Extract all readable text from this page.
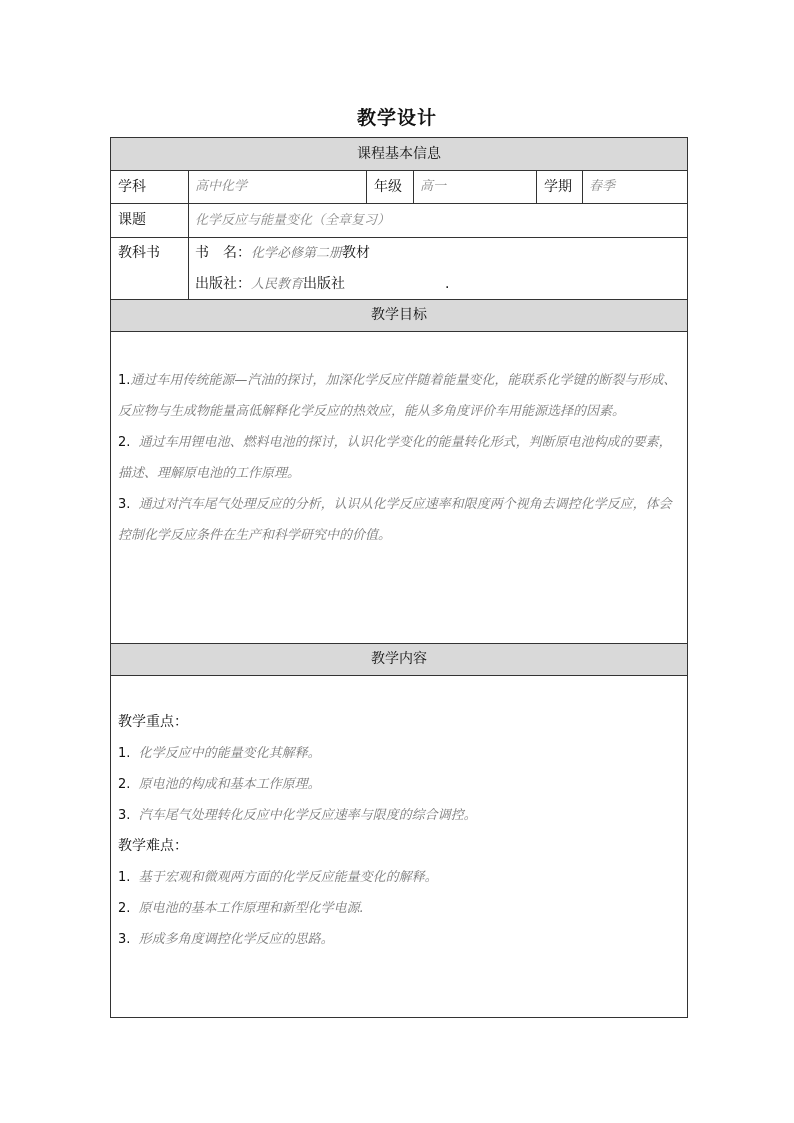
教学设计
课程基本信息
学科	高中化学	年级	高一	学期	春季
课题	化学反应与能量变化（全章复习）
教科书	书　名：化学必修第二册教材
出版社：人民教育出版社	.
教学目标
1.通过车用传统能源—汽油的探讨，加深化学反应伴随着能量变化，能联系化学键的断裂与形成、反应物与生成物能量高低解释化学反应的热效应，能从多角度评价车用能源选择的因素。
2. 通过车用锂电池、燃料电池的探讨，认识化学变化的能量转化形式，判断原电池构成的要素，描述、理解原电池的工作原理。
3. 通过对汽车尾气处理反应的分析，认识从化学反应速率和限度两个视角去调控化学反应，体会控制化学反应条件在生产和科学研究中的价值。
教学内容
教学重点：
1. 化学反应中的能量变化其解释。
2. 原电池的构成和基本工作原理。
3. 汽车尾气处理转化反应中化学反应速率与限度的综合调控。
教学难点：
1. 基于宏观和微观两方面的化学反应能量变化的解释。
2. 原电池的基本工作原理和新型化学电源.
3. 形成多角度调控化学反应的思路。
